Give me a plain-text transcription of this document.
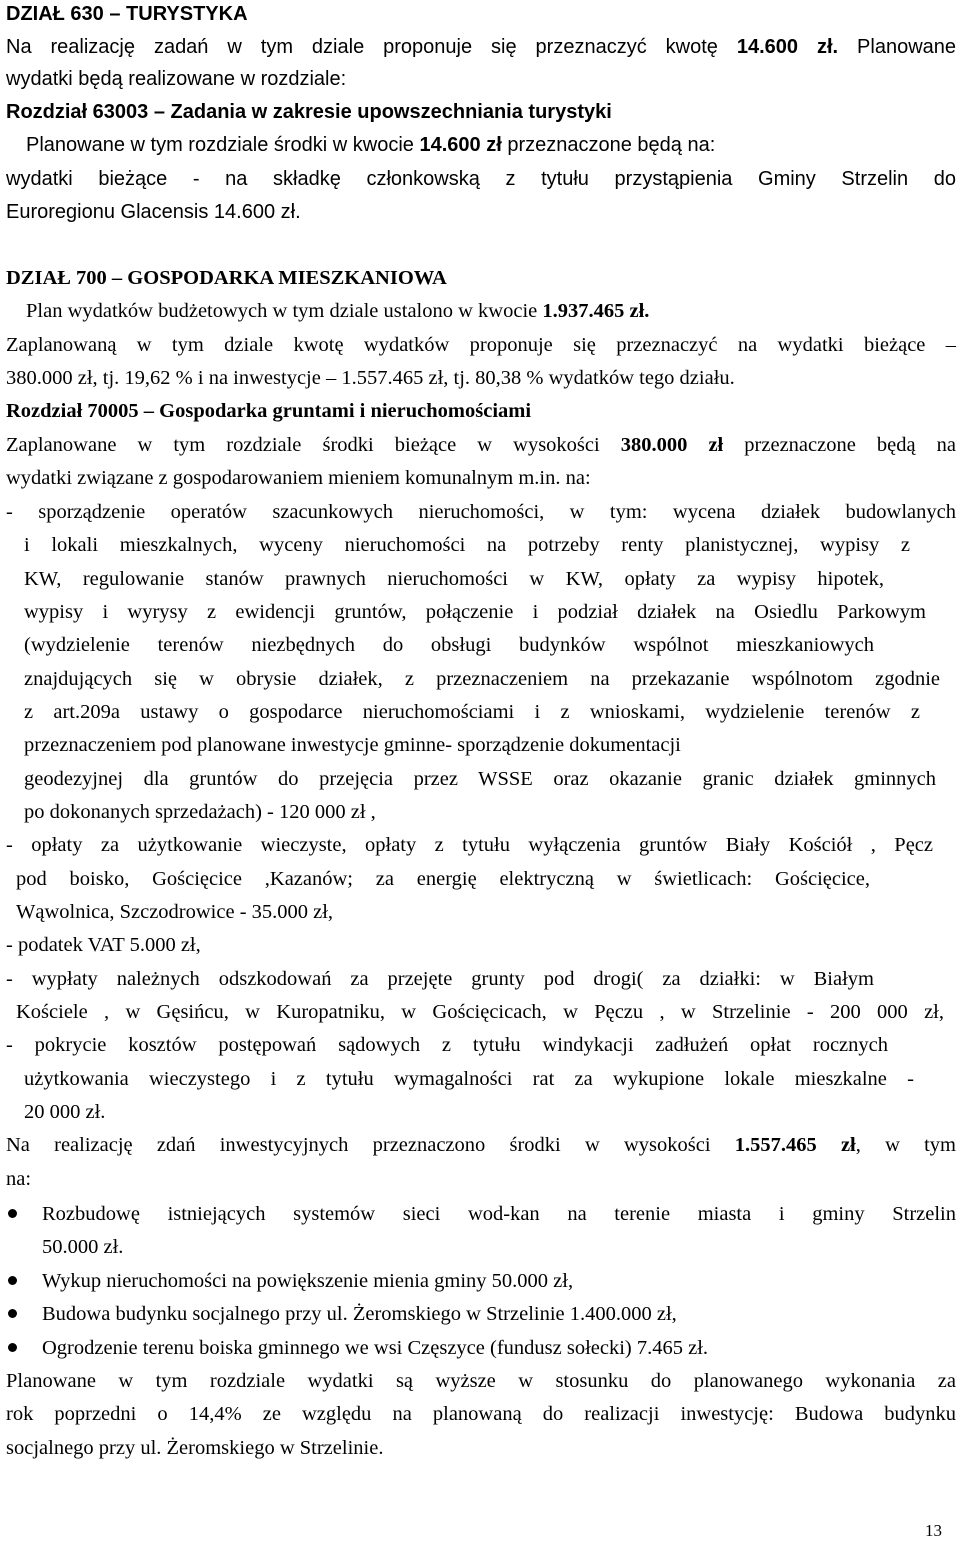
DZIAŁ 630 – TURYSTYKA
Na realizację zadań w tym dziale proponuje się przeznaczyć kwotę 14.600 zł. Planowane
wydatki będą realizowane w rozdziale:
Rozdział 63003 – Zadania w zakresie upowszechniania turystyki
Planowane w tym rozdziale środki w kwocie 14.600 zł przeznaczone będą na:
wydatki bieżące - na składkę członkowską z tytułu przystąpienia Gminy Strzelin do
Euroregionu Glacensis 14.600 zł.
DZIAŁ 700 – GOSPODARKA MIESZKANIOWA
Plan wydatków budżetowych w tym dziale ustalono w kwocie 1.937.465 zł.
Zaplanowaną w tym dziale kwotę wydatków proponuje się przeznaczyć na wydatki bieżące –
380.000 zł, tj. 19,62 % i na inwestycje – 1.557.465 zł, tj. 80,38 % wydatków tego działu.
Rozdział 70005 – Gospodarka gruntami i nieruchomościami
Zaplanowane w tym rozdziale środki bieżące w wysokości 380.000 zł przeznaczone będą na
wydatki związane z gospodarowaniem mieniem komunalnym m.in. na:
- sporządzenie operatów szacunkowych nieruchomości, w tym: wycena działek budowlanych
i lokali mieszkalnych, wyceny nieruchomości na potrzeby renty planistycznej, wypisy z
KW, regulowanie stanów prawnych nieruchomości w KW, opłaty za wypisy hipotek,
wypisy i wyrysy z ewidencji gruntów, połączenie i podział działek na Osiedlu Parkowym
(wydzielenie terenów niezbędnych do obsługi budynków wspólnot mieszkaniowych
znajdujących się w obrysie działek, z przeznaczeniem na przekazanie wspólnotom zgodnie
z art.209a ustawy o gospodarce nieruchomościami i z wnioskami, wydzielenie terenów z
przeznaczeniem pod planowane inwestycje gminne- sporządzenie dokumentacji
geodezyjnej dla gruntów do przejęcia przez WSSE oraz okazanie granic działek gminnych
po dokonanych sprzedażach) - 120 000 zł ,
- opłaty za użytkowanie wieczyste, opłaty z tytułu wyłączenia gruntów Biały Kościół , Pęcz
pod boisko, Gościęcice ,Kazanów; za energię elektryczną w świetlicach: Gościęcice,
Wąwolnica, Szczodrowice - 35.000 zł,
- podatek VAT 5.000 zł,
- wypłaty należnych odszkodowań za przejęte grunty pod drogi( za działki: w Białym
Kościele , w Gęsińcu, w Kuropatniku, w Gościęcicach, w Pęczu , w Strzelinie - 200 000 zł,
- pokrycie kosztów postępowań sądowych z tytułu windykacji zadłużeń opłat rocznych
użytkowania wieczystego i z tytułu wymagalności rat za wykupione lokale mieszkalne -
20 000 zł.
Na realizację zdań inwestycyjnych przeznaczono środki w wysokości 1.557.465 zł, w tym
na:
Rozbudowę istniejących systemów sieci wod-kan na terenie miasta i gminy Strzelin
50.000 zł.
Wykup nieruchomości na powiększenie mienia gminy 50.000 zł,
Budowa budynku socjalnego przy ul. Żeromskiego w Strzelinie 1.400.000 zł,
Ogrodzenie terenu boiska gminnego we wsi Częszyce (fundusz sołecki) 7.465 zł.
Planowane w tym rozdziale wydatki są wyższe w stosunku do planowanego wykonania za
rok poprzedni o 14,4% ze względu na planowaną do realizacji inwestycję: Budowa budynku
socjalnego przy ul. Żeromskiego w Strzelinie.
13
